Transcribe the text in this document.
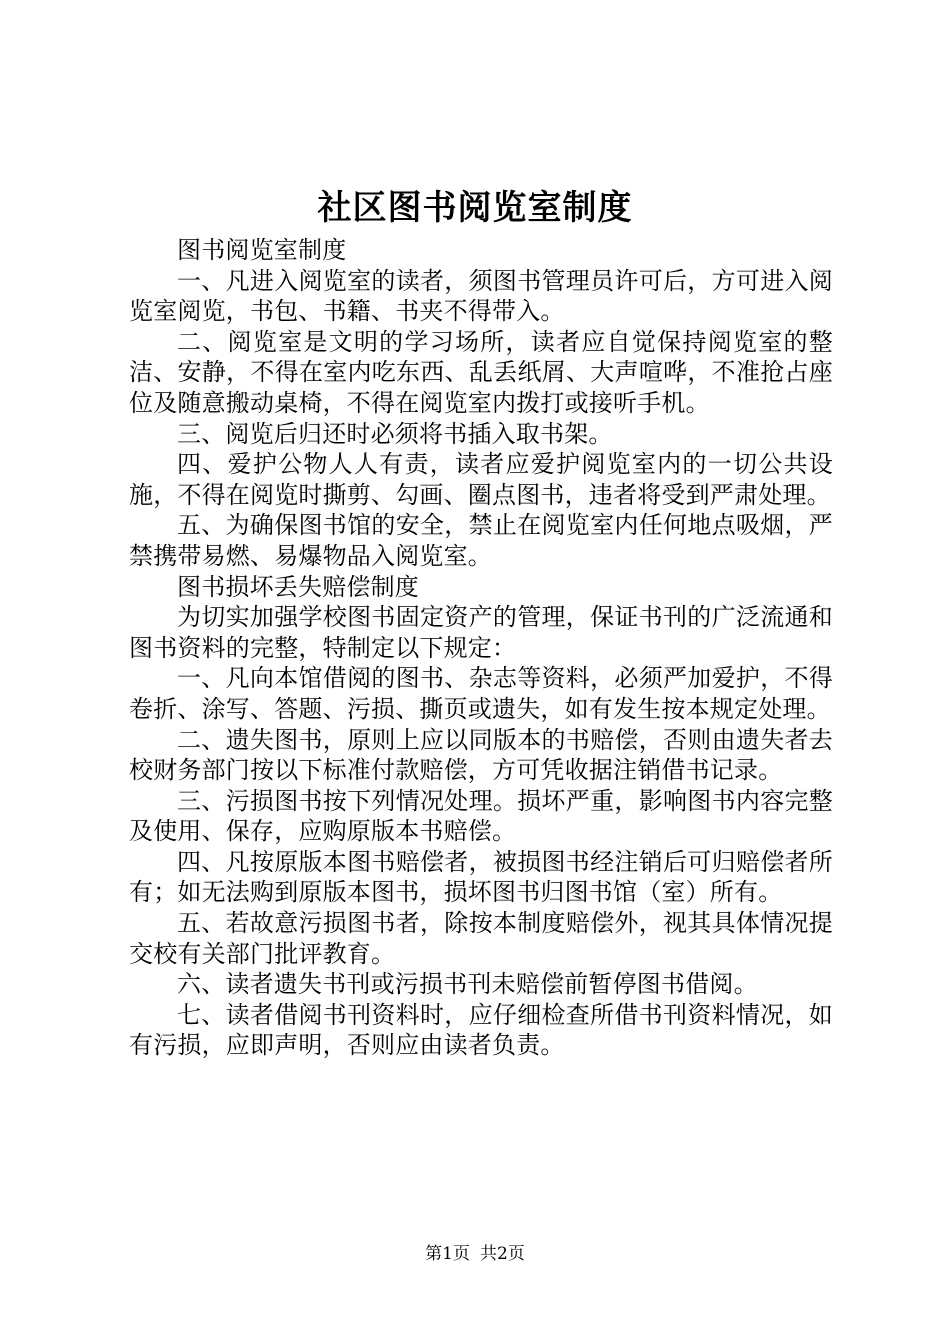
社区图书阅览室制度

图书阅览室制度

一、凡进入阅览室的读者，须图书管理员许可后，方可进入阅览室阅览，书包、书籍、书夹不得带入。

二、阅览室是文明的学习场所，读者应自觉保持阅览室的整洁、安静，不得在室内吃东西、乱丢纸屑、大声喧哗，不准抢占座位及随意搬动桌椅，不得在阅览室内拨打或接听手机。

三、阅览后归还时必须将书插入取书架。

四、爱护公物人人有责，读者应爱护阅览室内的一切公共设施，不得在阅览时撕剪、勾画、圈点图书，违者将受到严肃处理。

五、为确保图书馆的安全，禁止在阅览室内任何地点吸烟，严禁携带易燃、易爆物品入阅览室。

图书损坏丢失赔偿制度

为切实加强学校图书固定资产的管理，保证书刊的广泛流通和图书资料的完整，特制定以下规定：

一、凡向本馆借阅的图书、杂志等资料，必须严加爱护，不得卷折、涂写、答题、污损、撕页或遗失，如有发生按本规定处理。

二、遗失图书，原则上应以同版本的书赔偿，否则由遗失者去校财务部门按以下标准付款赔偿，方可凭收据注销借书记录。

三、污损图书按下列情况处理。损坏严重，影响图书内容完整及使用、保存，应购原版本书赔偿。

四、凡按原版本图书赔偿者，被损图书经注销后可归赔偿者所有；如无法购到原版本图书，损坏图书归图书馆（室）所有。

五、若故意污损图书者，除按本制度赔偿外，视其具体情况提交校有关部门批评教育。

六、读者遗失书刊或污损书刊未赔偿前暂停图书借阅。

七、读者借阅书刊资料时，应仔细检查所借书刊资料情况，如有污损，应即声明，否则应由读者负责。

第1页 共2页
